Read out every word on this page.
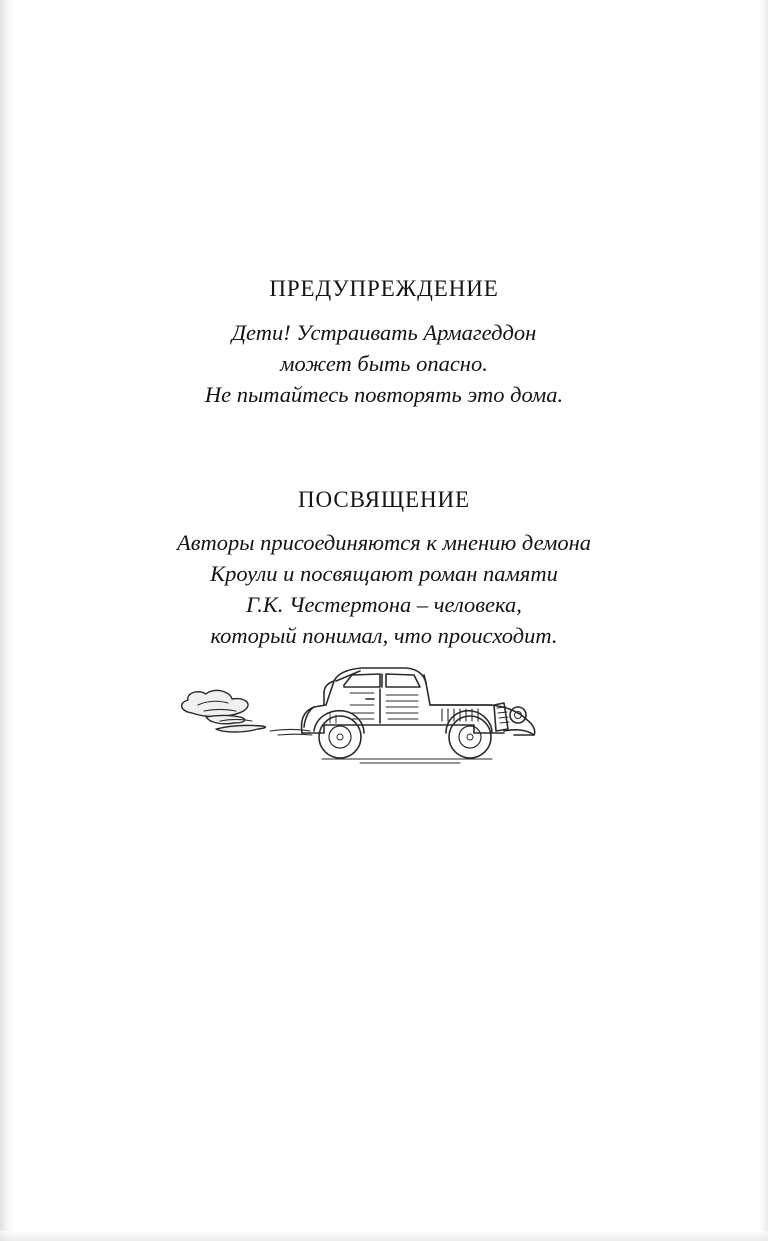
ПРЕДУПРЕЖДЕНИЕ
Дети! Устраивать Армагеддон
может быть опасно.
Не пытайтесь повторять это дома.
ПОСВЯЩЕНИЕ
Авторы присоединяются к мнению демона
Кроули и посвящают роман памяти
Г.К. Честертона – человека,
который понимал, что происходит.
